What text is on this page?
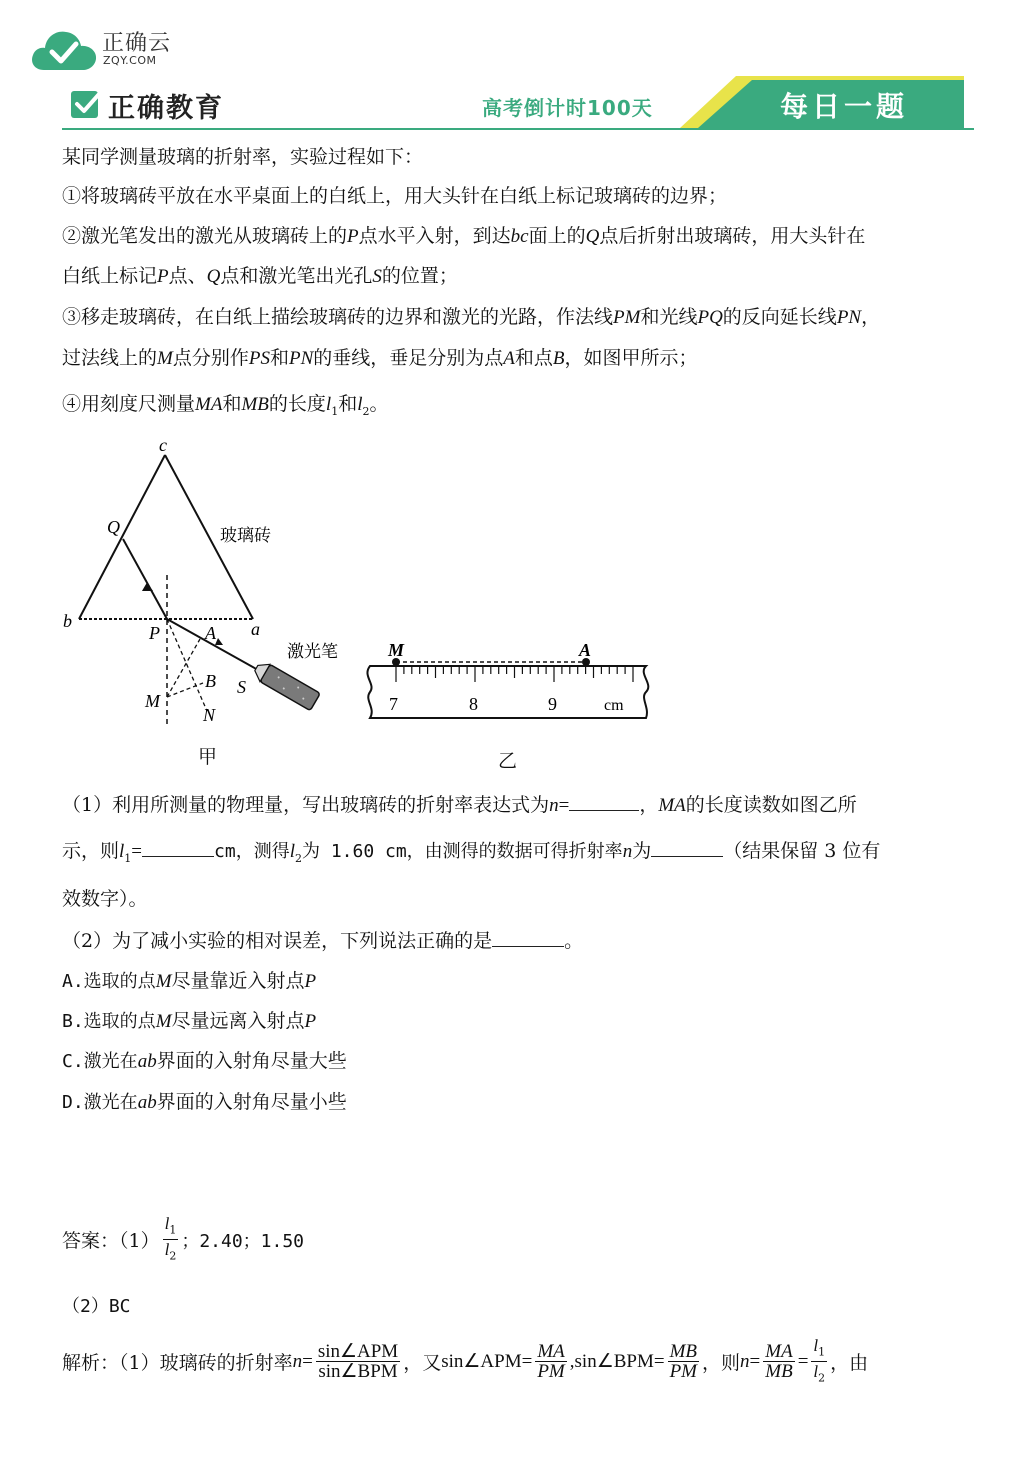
正确云
ZQY.COM
正确教育	高考倒计时100天	每日一题
某同学测量玻璃的折射率，实验过程如下：
①将玻璃砖平放在水平桌面上的白纸上，用大头针在白纸上标记玻璃砖的边界；
②激光笔发出的激光从玻璃砖上的P点水平入射，到达bc面上的Q点后折射出玻璃砖，用大头针在
白纸上标记P点、Q点和激光笔出光孔S的位置；
③移走玻璃砖，在白纸上描绘玻璃砖的边界和激光的光路，作法线PM和光线PQ的反向延长线PN，
过法线上的M点分别作PS和PN的垂线，垂足分别为点A和点B，如图甲所示；
④用刻度尺测量MA和MB的长度$l_1$和$l_2$。
c
Q	玻璃砖
b	a
P	A
激光笔
B S
M
N
甲
M	A
7	8	9	cm
乙
（1）利用所测量的物理量，写出玻璃砖的折射率表达式为n=	，MA的长度读数如图乙所
示，则$l_1=$	cm，测得$l_2$为 1.60 cm，由测得的数据可得折射率n为	（结果保留 3 位有
效数字）。
（2）为了减小实验的相对误差，下列说法正确的是	。
A.选取的点M尽量靠近入射点P
B.选取的点M尽量远离入射点P
C.激光在ab界面的入射角尽量大些
D.激光在ab界面的入射角尽量小些
答案：$(1) \frac{l_1}{l_2}$ ；2.40；1.50
（2）BC
解析：（1）玻璃砖的折射率 $n = \frac{\text{sin∠APM}}{\text{sin∠BPM}}$ ，又 sin∠APM = $\frac{MA}{PM}$ , sin∠BPM = $\frac{MB}{PM}$ ，则 $n = \frac{MA}{MB} = \frac{l_1}{l_2}$ ，由
